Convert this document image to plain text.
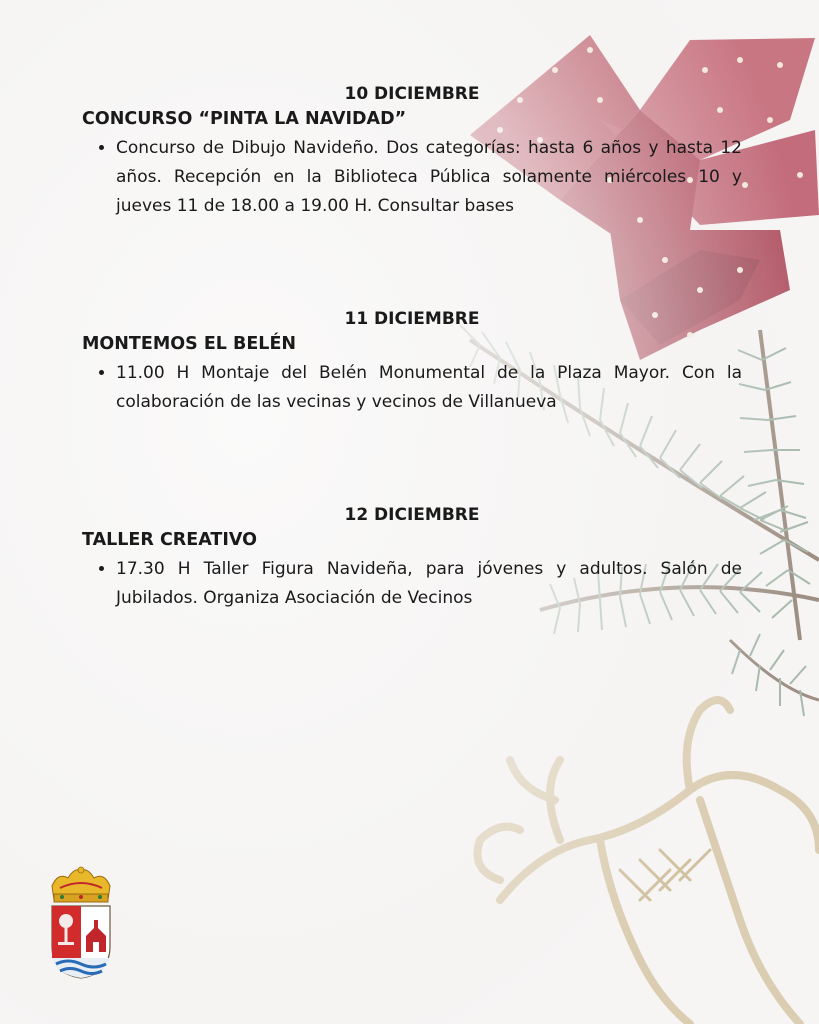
10 DICIEMBRE

CONCURSO “PINTA LA NAVIDAD”

• Concurso de Dibujo Navideño. Dos categorías: hasta 6 años y hasta 12 años. Recepción en la Biblioteca Pública solamente miércoles 10 y jueves 11 de 18.00 a 19.00 H. Consultar bases

11 DICIEMBRE

MONTEMOS EL BELÉN

• 11.00 H Montaje del Belén Monumental de la Plaza Mayor. Con la colaboración de las vecinas y vecinos de Villanueva

12 DICIEMBRE

TALLER CREATIVO

• 17.30 H Taller Figura Navideña, para jóvenes y adultos. Salón de Jubilados. Organiza Asociación de Vecinos
